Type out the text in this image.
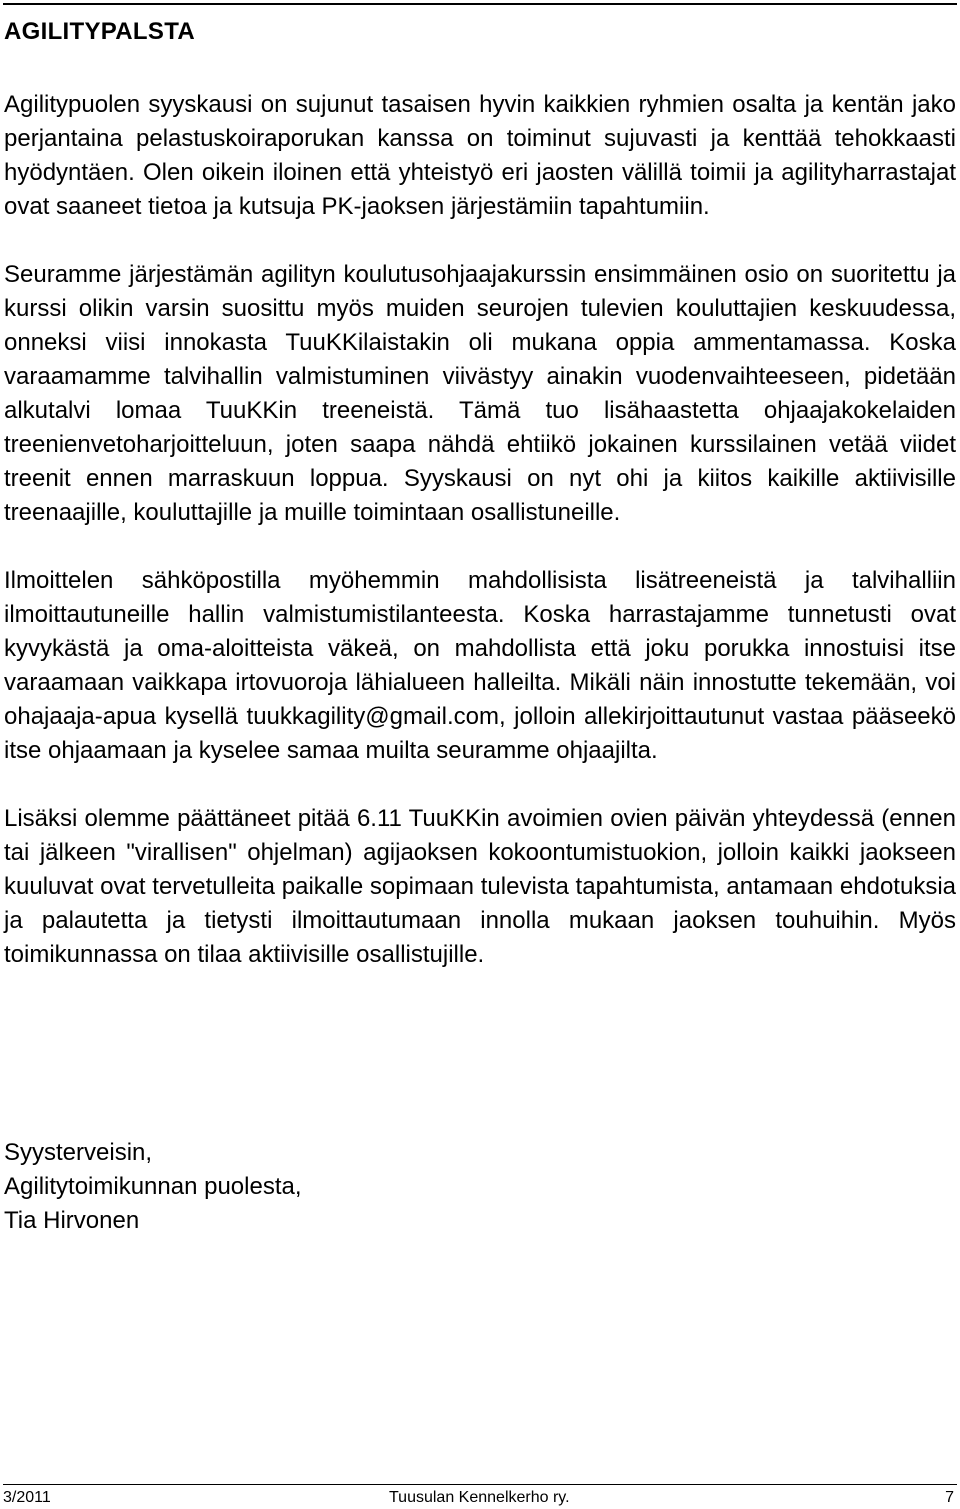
AGILITYPALSTA

Agilitypuolen syyskausi on sujunut tasaisen hyvin kaikkien ryhmien osalta ja kentän jako perjantaina pelastuskoiraporukan kanssa on toiminut sujuvasti ja kenttää tehokkaasti hyödyntäen. Olen oikein iloinen että yhteistyö eri jaosten välillä toimii ja agilityharrastajat ovat saaneet tietoa ja kutsuja PK-jaoksen järjestämiin tapahtumiin.

Seuramme järjestämän agilityn koulutusohjaajakurssin ensimmäinen osio on suoritettu ja kurssi olikin varsin suosittu myös muiden seurojen tulevien kouluttajien keskuudessa, onneksi viisi innokasta TuuKKilaistakin oli mukana oppia ammentamassa. Koska varaamamme talvihallin valmistuminen viivästyy ainakin vuodenvaihteeseen, pidetään alkutalvi lomaa TuuKKin treeneistä. Tämä tuo lisähaastetta ohjaajakokelaiden treenienvetoharjoitteluun, joten saapa nähdä ehtiikö jokainen kurssilainen vetää viidet treenit ennen marraskuun loppua. Syyskausi on nyt ohi ja kiitos kaikille aktiivisille treenaajille, kouluttajille ja muille toimintaan osallistuneille.

Ilmoittelen sähköpostilla myöhemmin mahdollisista lisätreeneistä ja talvihalliin ilmoittautuneille hallin valmistumistilanteesta. Koska harrastajamme tunnetusti ovat kyvykästä ja oma-aloitteista väkeä, on mahdollista että joku porukka innostuisi itse varaamaan vaikkapa irtovuoroja lähialueen halleilta. Mikäli näin innostutte tekemään, voi ohajaaja-apua kysellä tuukkagility@gmail.com, jolloin allekirjoittautunut vastaa pääseekö itse ohjaamaan ja kyselee samaa muilta seuramme ohjaajilta.

Lisäksi olemme päättäneet pitää 6.11 TuuKKin avoimien ovien päivän yhteydessä (ennen tai jälkeen "virallisen" ohjelman) agijaoksen kokoontumistuokion, jolloin kaikki jaokseen kuuluvat ovat tervetulleita paikalle sopimaan tulevista tapahtumista, antamaan ehdotuksia ja palautetta ja tietysti ilmoittautumaan innolla mukaan jaoksen touhuihin. Myös toimikunnassa on tilaa aktiivisille osallistujille.

Syysterveisin,
Agilitytoimikunnan puolesta,
Tia Hirvonen
3/2011	Tuusulan Kennelkerho ry.	7
